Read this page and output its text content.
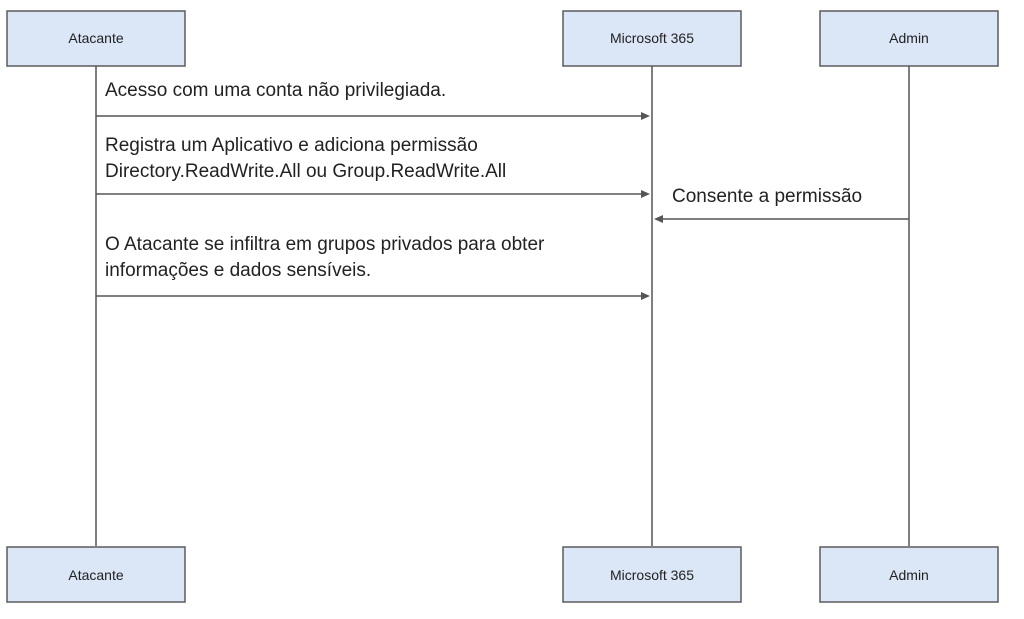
Atacante	Microsoft 365	Admin
Atacante	Microsoft 365	Admin
Acesso com uma conta não privilegiada.
Registra um Aplicativo e adiciona permissão
Directory.ReadWrite.All ou Group.ReadWrite.All
Consente a permissão
O Atacante se infiltra em grupos privados para obter
informações e dados sensíveis.
